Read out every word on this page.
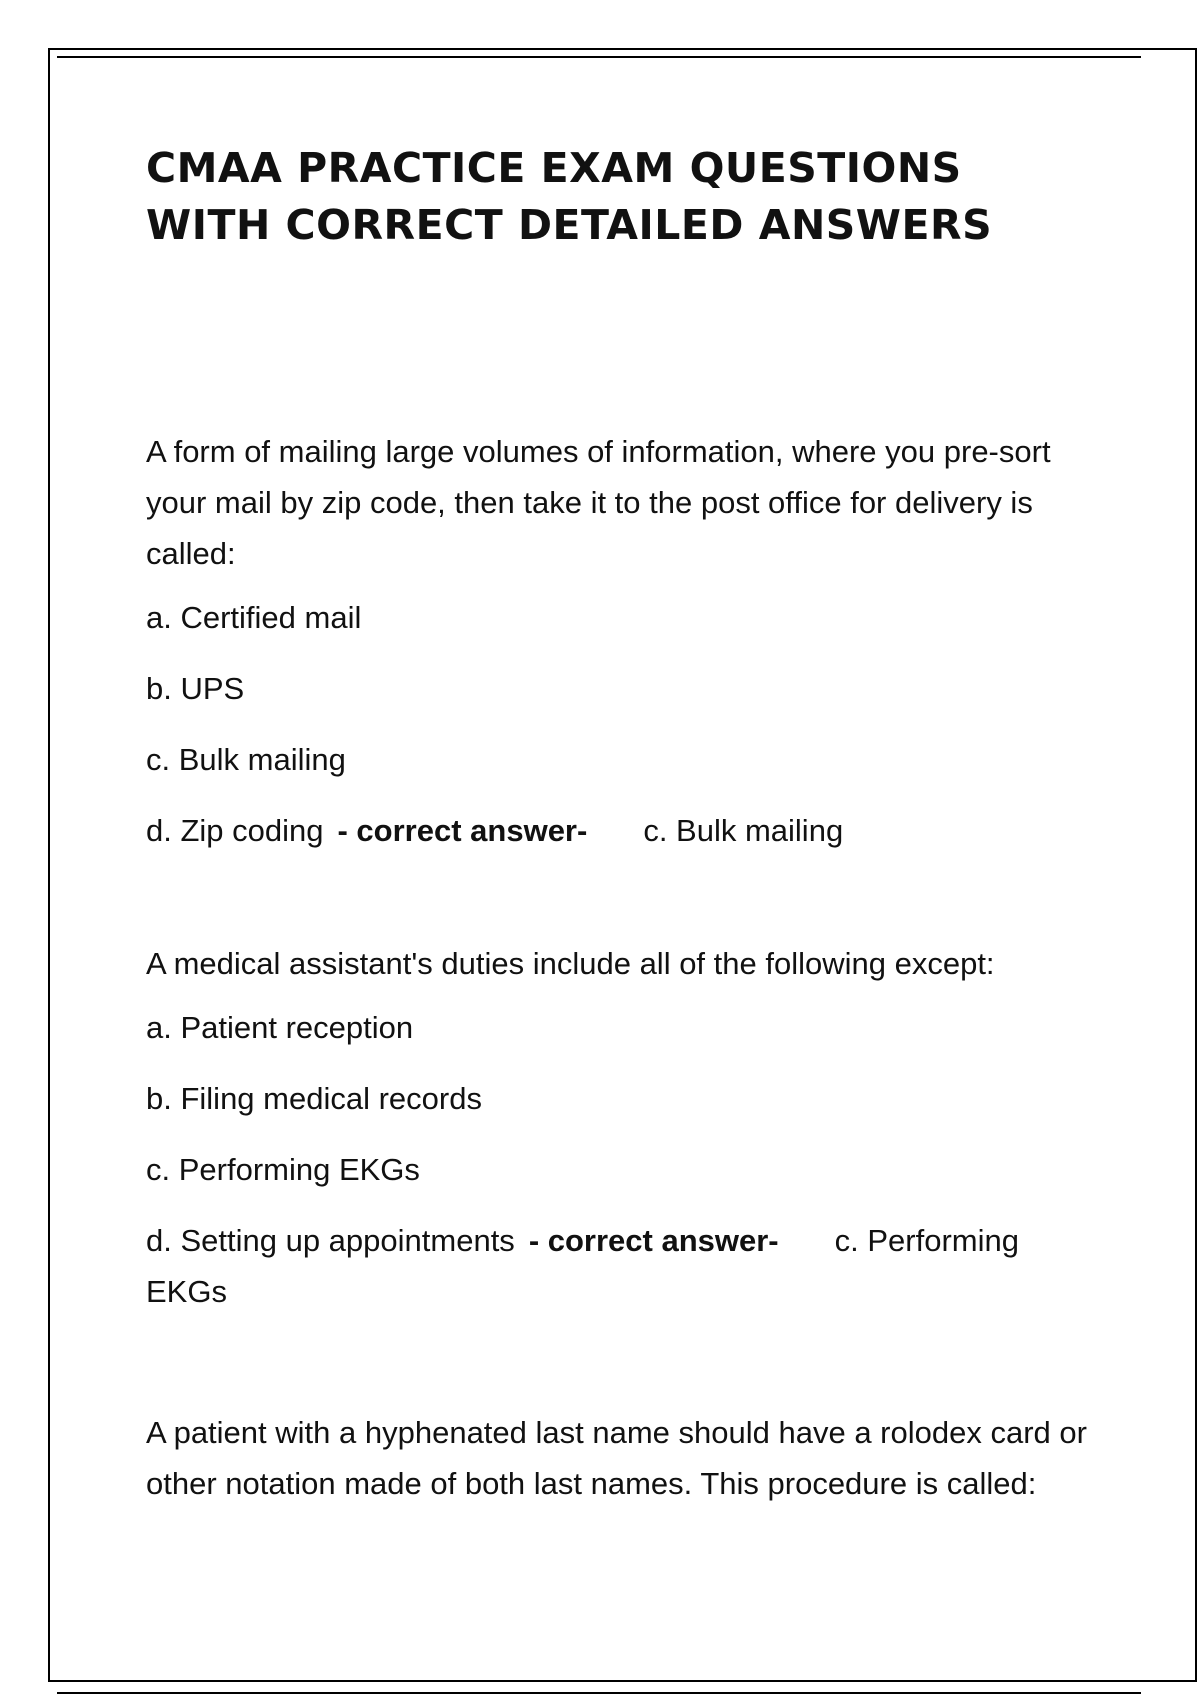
CMAA PRACTICE EXAM QUESTIONS WITH CORRECT DETAILED ANSWERS

A form of mailing large volumes of information, where you pre-sort your mail by zip code, then take it to the post office for delivery is called:

a. Certified mail

b. UPS

c. Bulk mailing

d. Zip coding - correct answer- c. Bulk mailing

A medical assistant's duties include all of the following except:

a. Patient reception

b. Filing medical records

c. Performing EKGs

d. Setting up appointments - correct answer- c. Performing EKGs

A patient with a hyphenated last name should have a rolodex card or other notation made of both last names. This procedure is called:
